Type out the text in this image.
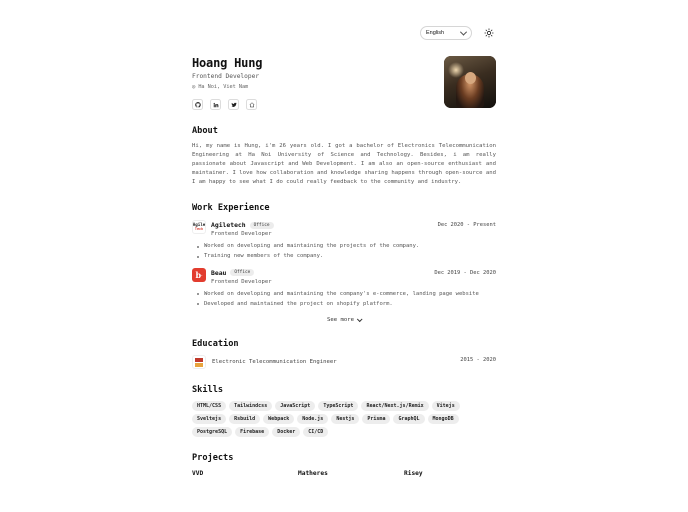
English
Hoang Hung
Frontend Developer
◎ Ha Noi, Viet Nam
About
Hi, my name is Hung, i'm 26 years old. I got a bachelor of Electronics Telecommunication Engineering at Ha Noi University of Science and Technology. Besides, i am really passionate about Javascript and Web Development. I am also an open-source enthusiast and maintainer. I love how collaboration and knowledge sharing happens through open-source and I am happy to see what I do could really feedback to the community and industry.
Work Experience
Agile
Tech Agiletech	Office
Frontend Developer
Dec 2020 - Present
Worked on developing and maintaining the projects of the company.
Training new members of the company.
b . Beau	Office
Frontend Developer
Dec 2019 - Dec 2020
Worked on developing and maintaining the company's e-commerce, landing page website
Developed and maintained the project on shopify platform.
See more
Education
Electronic Telecommunication Engineer	2015 - 2020
Skills
HTML/CSS	Tailwindcss	JavaScript	TypeScript	React/Next.js/Remix	Vitejs
Sveltejs	Rsbuild	Webpack	Node.js	Nestjs	Prisma	GraphQL	MongoDB
PostgreSQL	Firebase	Docker	CI/CD
Projects
VVD	Matheres	Risey
